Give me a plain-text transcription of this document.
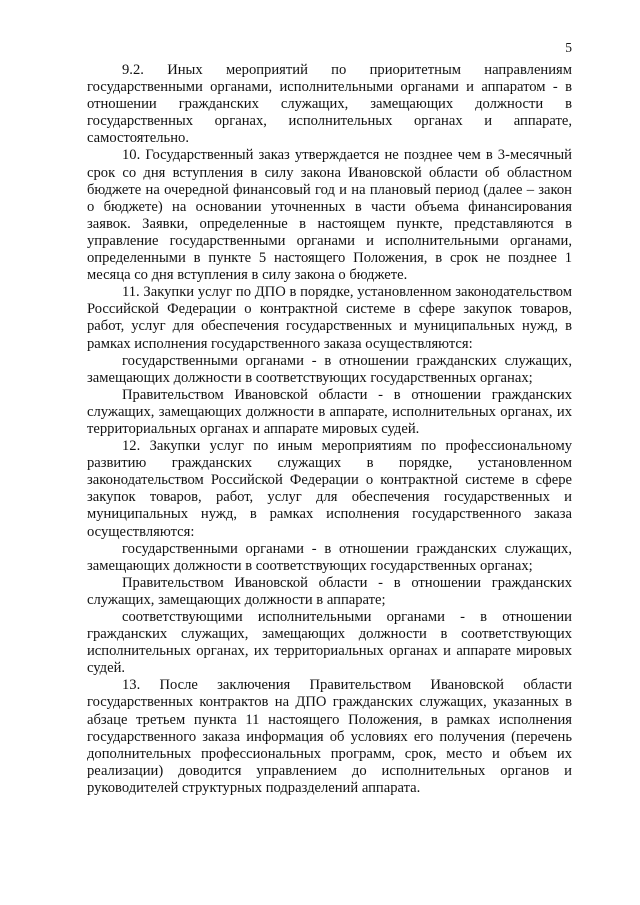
5

9.2. Иных мероприятий по приоритетным направлениям государственными органами, исполнительными органами и аппаратом - в отношении гражданских служащих, замещающих должности в государственных органах, исполнительных органах и аппарате, самостоятельно.

10. Государственный заказ утверждается не позднее чем в 3-месячный срок со дня вступления в силу закона Ивановской области об областном бюджете на очередной финансовый год и на плановый период (далее – закон о бюджете) на основании уточненных в части объема финансирования заявок. Заявки, определенные в настоящем пункте, представляются в управление государственными органами и исполнительными органами, определенными в пункте 5 настоящего Положения, в срок не позднее 1 месяца со дня вступления в силу закона о бюджете.

11. Закупки услуг по ДПО в порядке, установленном законодательством Российской Федерации о контрактной системе в сфере закупок товаров, работ, услуг для обеспечения государственных и муниципальных нужд, в рамках исполнения государственного заказа осуществляются:

государственными органами - в отношении гражданских служащих, замещающих должности в соответствующих государственных органах;

Правительством Ивановской области - в отношении гражданских служащих, замещающих должности в аппарате, исполнительных органах, их территориальных органах и аппарате мировых судей.

12. Закупки услуг по иным мероприятиям по профессиональному развитию гражданских служащих в порядке, установленном законодательством Российской Федерации о контрактной системе в сфере закупок товаров, работ, услуг для обеспечения государственных и муниципальных нужд, в рамках исполнения государственного заказа осуществляются:

государственными органами - в отношении гражданских служащих, замещающих должности в соответствующих государственных органах;

Правительством Ивановской области - в отношении гражданских служащих, замещающих должности в аппарате;

соответствующими исполнительными органами - в отношении гражданских служащих, замещающих должности в соответствующих исполнительных органах, их территориальных органах и аппарате мировых судей.

13. После заключения Правительством Ивановской области государственных контрактов на ДПО гражданских служащих, указанных в абзаце третьем пункта 11 настоящего Положения, в рамках исполнения государственного заказа информация об условиях его получения (перечень дополнительных профессиональных программ, срок, место и объем их реализации) доводится управлением до исполнительных органов и руководителей структурных подразделений аппарата.
